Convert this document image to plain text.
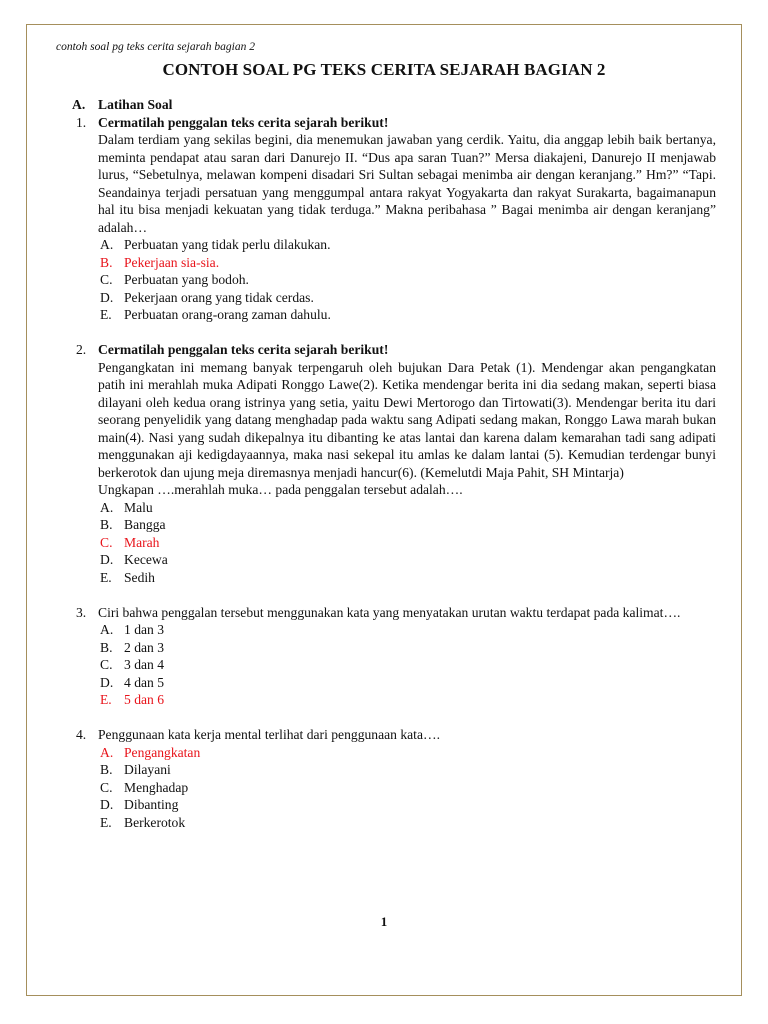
contoh soal pg teks cerita sejarah bagian 2
CONTOH SOAL PG TEKS CERITA SEJARAH BAGIAN 2
A. Latihan Soal
1. Cermatilah penggalan teks cerita sejarah berikut!
Dalam terdiam yang sekilas begini, dia menemukan jawaban yang cerdik. Yaitu, dia anggap lebih baik bertanya, meminta pendapat atau saran dari Danurejo II. “Dus apa saran Tuan?” Mersa diakajeni, Danurejo II menjawab lurus, “Sebetulnya, melawan kompeni disadari Sri Sultan sebagai menimba air dengan keranjang.” Hm?” “Tapi. Seandainya terjadi persatuan yang menggumpal antara rakyat Yogyakarta dan rakyat Surakarta, bagaimanapun hal itu bisa menjadi kekuatan yang tidak terduga.” Makna peribahasa ” Bagai menimba air dengan keranjang” adalah…
A. Perbuatan yang tidak perlu dilakukan.
B. Pekerjaan sia-sia.
C. Perbuatan yang bodoh.
D. Pekerjaan orang yang tidak cerdas.
E. Perbuatan orang-orang zaman dahulu.
2. Cermatilah penggalan teks cerita sejarah berikut!
Pengangkatan ini memang banyak terpengaruh oleh bujukan Dara Petak (1). Mendengar akan pengangkatan patih ini merahlah muka Adipati Ronggo Lawe(2). Ketika mendengar berita ini dia sedang makan, seperti biasa dilayani oleh kedua orang istrinya yang setia, yaitu Dewi Mertorogo dan Tirtowati(3). Mendengar berita itu dari seorang penyelidik yang datang menghadap pada waktu sang Adipati sedang makan, Ronggo Lawa marah bukan main(4). Nasi yang sudah dikepalnya itu dibanting ke atas lantai dan karena dalam kemarahan tadi sang adipati menggunakan aji kedigdayaannya, maka nasi sekepal itu amlas ke dalam lantai (5). Kemudian terdengar bunyi berkerotok dan ujung meja diremasnya menjadi hancur(6). (Kemelutdi Maja Pahit, SH Mintarja)
Ungkapan ….merahlah muka… pada penggalan tersebut adalah….
A. Malu
B. Bangga
C. Marah
D. Kecewa
E. Sedih
3. Ciri bahwa penggalan tersebut menggunakan kata yang menyatakan urutan waktu terdapat pada kalimat….
A. 1 dan 3
B. 2 dan 3
C. 3 dan 4
D. 4 dan 5
E. 5 dan 6
4. Penggunaan kata kerja mental terlihat dari penggunaan kata….
A. Pengangkatan
B. Dilayani
C. Menghadap
D. Dibanting
E. Berkerotok
1
